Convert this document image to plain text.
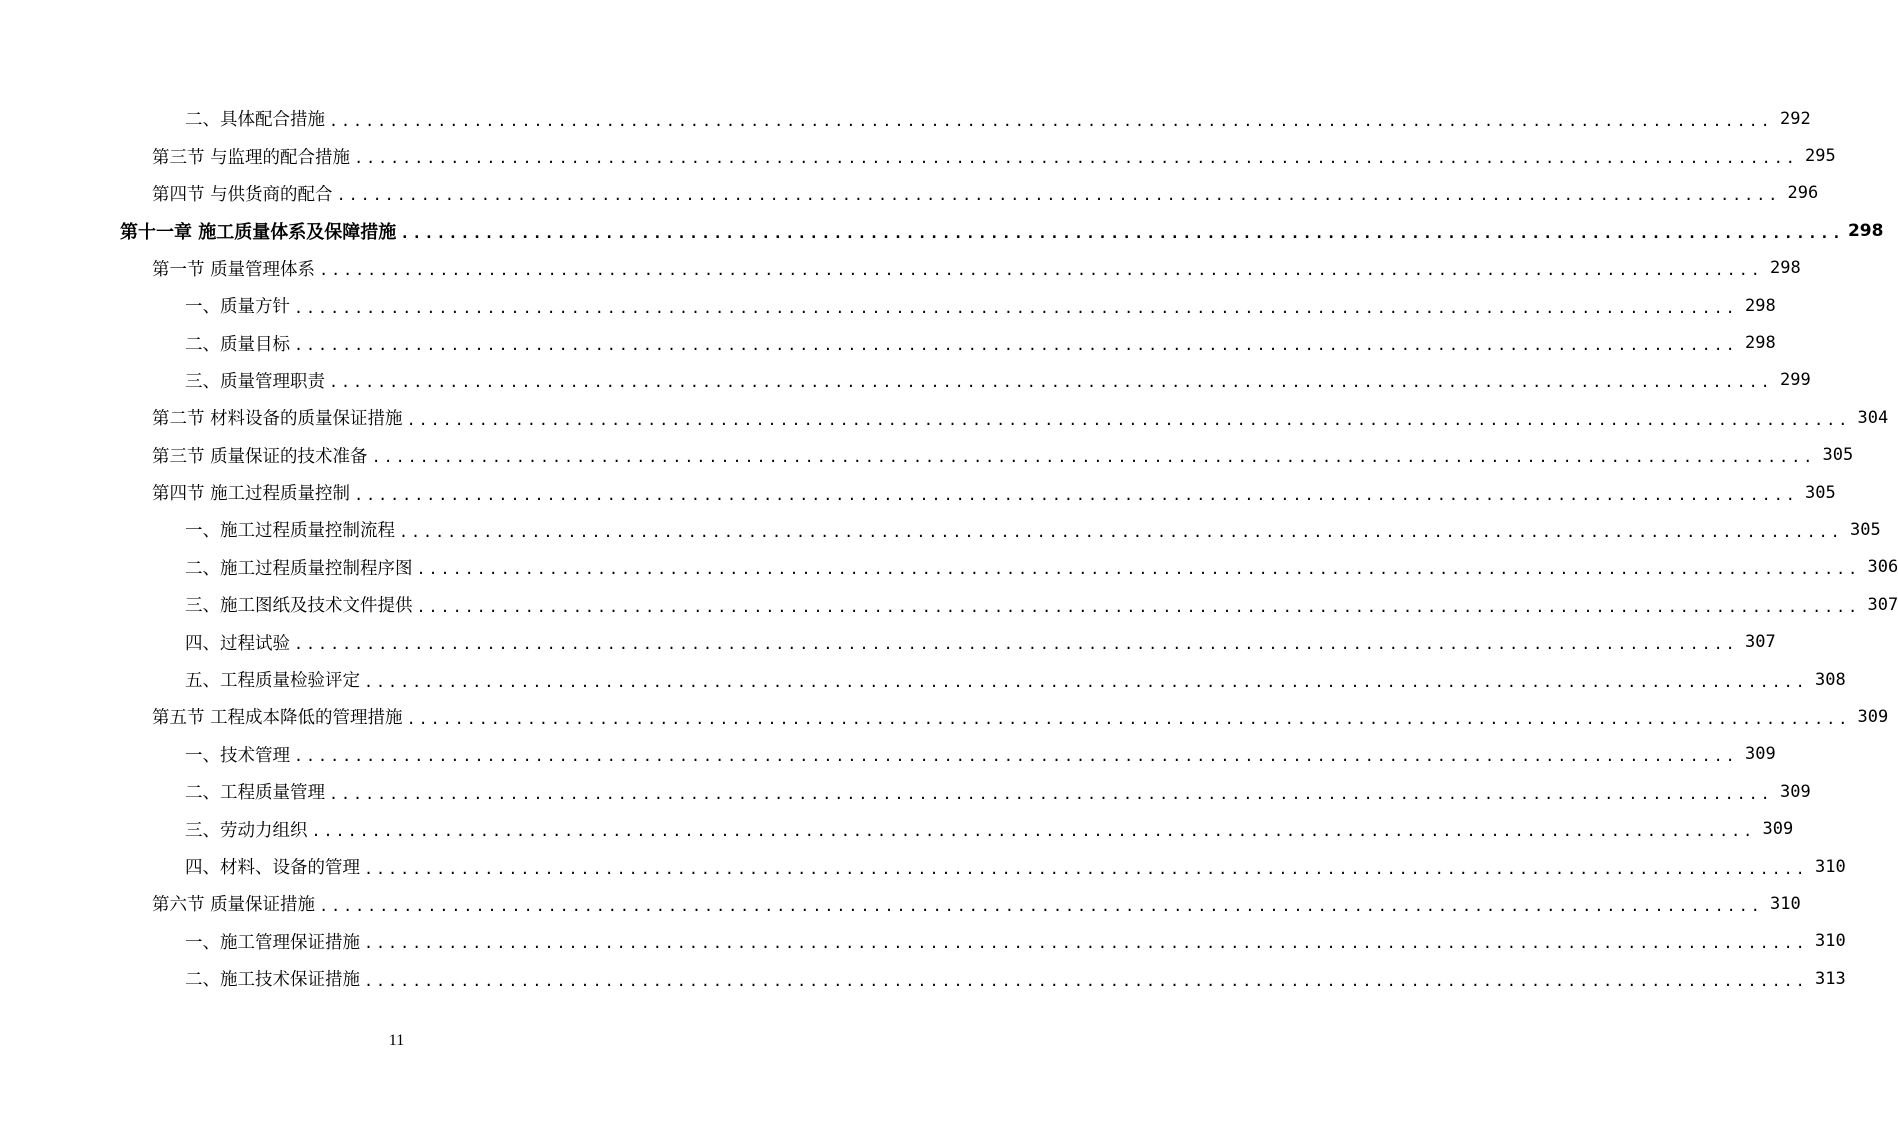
二、具体配合措施 ........................................................................................................................ 292
第三节 与监理的配合措施 ........................................................................................................................ 295
第四节 与供货商的配合 ........................................................................................................................ 296
第十一章 施工质量体系及保障措施 ........................................................................................................................ 298
第一节 质量管理体系 ........................................................................................................................ 298
一、质量方针 ........................................................................................................................ 298
二、质量目标 ........................................................................................................................ 298
三、质量管理职责 ........................................................................................................................ 299
第二节 材料设备的质量保证措施 ........................................................................................................................ 304
第三节 质量保证的技术准备 ........................................................................................................................ 305
第四节 施工过程质量控制 ........................................................................................................................ 305
一、施工过程质量控制流程 ........................................................................................................................ 305
二、施工过程质量控制程序图 ........................................................................................................................ 306
三、施工图纸及技术文件提供 ........................................................................................................................ 307
四、过程试验 ........................................................................................................................ 307
五、工程质量检验评定 ........................................................................................................................ 308
第五节 工程成本降低的管理措施 ........................................................................................................................ 309
一、技术管理 ........................................................................................................................ 309
二、工程质量管理 ........................................................................................................................ 309
三、劳动力组织 ........................................................................................................................ 309
四、材料、设备的管理 ........................................................................................................................ 310
第六节 质量保证措施 ........................................................................................................................ 310
一、施工管理保证措施 ........................................................................................................................ 310
二、施工技术保证措施 ........................................................................................................................ 313
11
